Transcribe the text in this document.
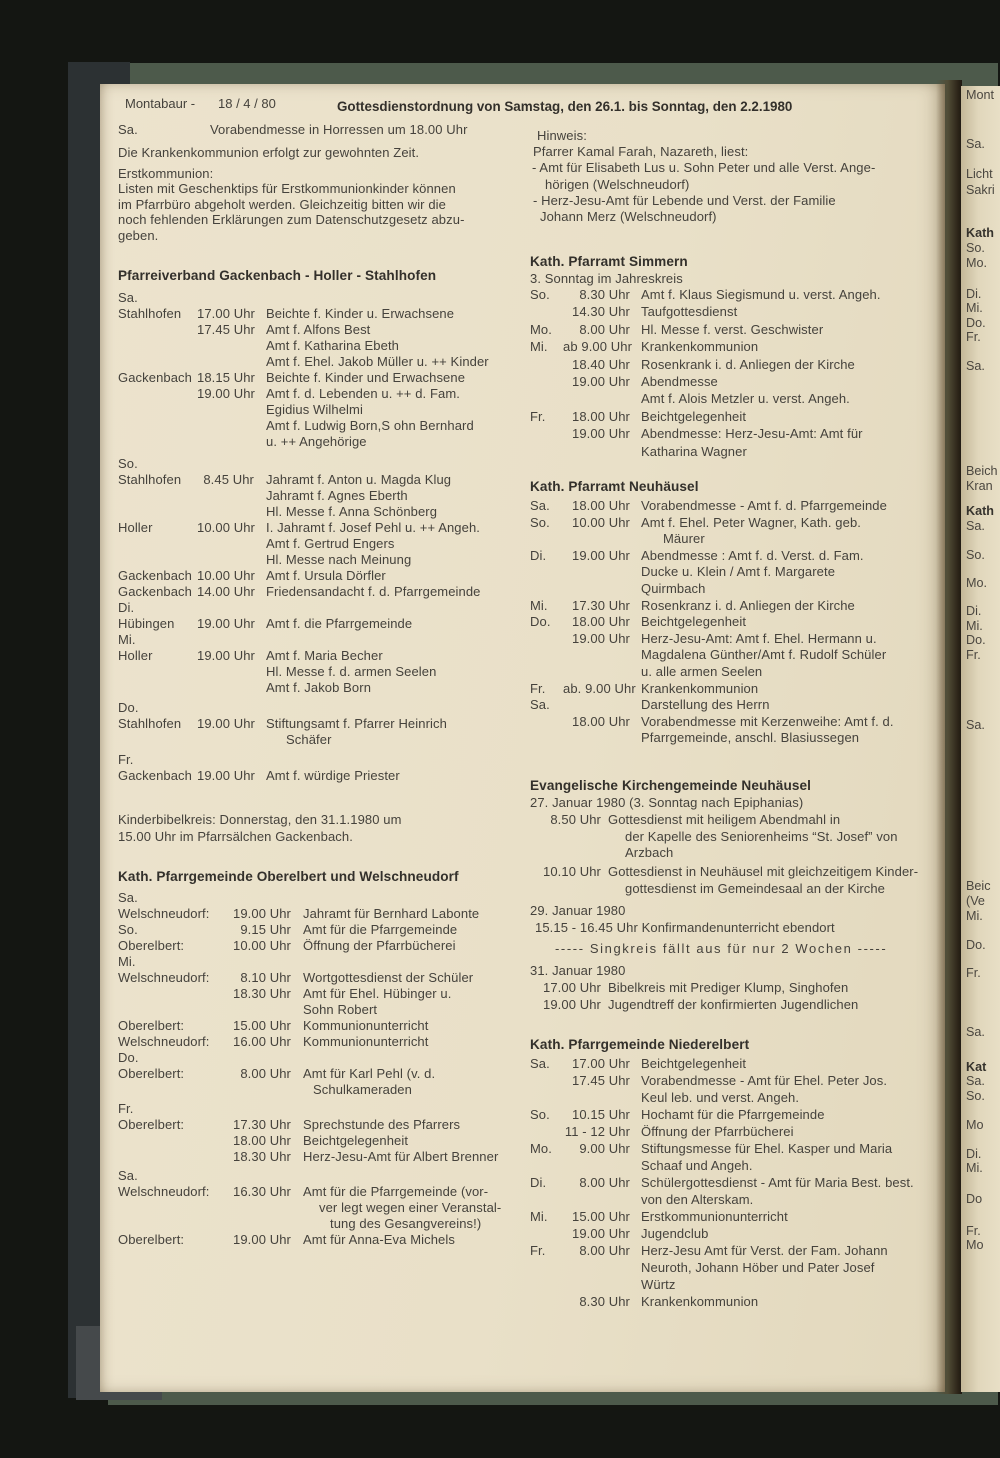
Montabaur - 18 / 4 / 80	Gottesdienstordnung von Samstag, den 26.1. bis Sonntag, den 2.2.1980
Sa.	Vorabendmesse in Horressen um 18.00 Uhr
Die Krankenkommunion erfolgt zur gewohnten Zeit.
Erstkommunion:
Listen mit Geschenktips für Erstkommunionkinder können
im Pfarrbüro abgeholt werden. Gleichzeitig bitten wir die
noch fehlenden Erklärungen zum Datenschutzgesetz abzu-
geben.
Pfarreiverband Gackenbach - Holler - Stahlhofen
Sa.
Stahlhofen	17.00 Uhr Beichte f. Kinder u. Erwachsene
17.45 Uhr Amt f. Alfons Best
Amt f. Katharina Ebeth
Amt f. Ehel. Jakob Müller u. ++ Kinder
Gackenbach 18.15 Uhr Beichte f. Kinder und Erwachsene
19.00 Uhr Amt f. d. Lebenden u. ++ d. Fam.
Egidius Wilhelmi
Amt f. Ludwig Born,S ohn Bernhard
u. ++ Angehörige
So.
Stahlhofen	8.45 Uhr Jahramt f. Anton u. Magda Klug
Jahramt f. Agnes Eberth
Hl. Messe f. Anna Schönberg
Holler	10.00 Uhr I. Jahramt f. Josef Pehl u. ++ Angeh.
Amt f. Gertrud Engers
Hl. Messe nach Meinung
Gackenbach 10.00 Uhr Amt f. Ursula Dörfler
Gackenbach 14.00 Uhr Friedensandacht f. d. Pfarrgemeinde
Di.
Hübingen	19.00 Uhr Amt f. die Pfarrgemeinde
Mi.
Holler	19.00 Uhr Amt f. Maria Becher
Hl. Messe f. d. armen Seelen
Amt f. Jakob Born
Do.
Stahlhofen	19.00 Uhr Stiftungsamt f. Pfarrer Heinrich
Schäfer
Fr.
Gackenbach 19.00 Uhr Amt f. würdige Priester
Kinderbibelkreis: Donnerstag, den 31.1.1980 um
15.00 Uhr im Pfarrsälchen Gackenbach.
Kath. Pfarrgemeinde Oberelbert und Welschneudorf
Sa.
Welschneudorf:	19.00 Uhr Jahramt für Bernhard Labonte
So.	9.15 Uhr Amt für die Pfarrgemeinde
Oberelbert:	10.00 Uhr Öffnung der Pfarrbücherei
Mi.
Welschneudorf:	8.10 Uhr Wortgottesdienst der Schüler
18.30 Uhr Amt für Ehel. Hübinger u.
Sohn Robert
Oberelbert:	15.00 Uhr Kommunionunterricht
Welschneudorf:	16.00 Uhr Kommunionunterricht
Do.
Oberelbert:	8.00 Uhr Amt für Karl Pehl (v. d.
Schulkameraden
Fr.
Oberelbert:	17.30 Uhr Sprechstunde des Pfarrers
18.00 Uhr Beichtgelegenheit
18.30 Uhr Herz-Jesu-Amt für Albert Brenner
Sa.
Welschneudorf:	16.30 Uhr Amt für die Pfarrgemeinde (vor-
ver legt wegen einer Veranstal-
tung des Gesangvereins!)
Oberelbert:	19.00 Uhr Amt für Anna-Eva Michels
Hinweis:
Pfarrer Kamal Farah, Nazareth, liest:
- Amt für Elisabeth Lus u. Sohn Peter und alle Verst. Ange-
hörigen (Welschneudorf)
- Herz-Jesu-Amt für Lebende und Verst. der Familie
Johann Merz (Welschneudorf)
Kath. Pfarramt Simmern
3. Sonntag im Jahreskreis
So.	8.30 Uhr Amt f. Klaus Siegismund u. verst. Angeh.
14.30 Uhr Taufgottesdienst
Mo.	8.00 Uhr Hl. Messe f. verst. Geschwister
Mi.	ab 9.00 Uhr Krankenkommunion
18.40 Uhr Rosenkrank i. d. Anliegen der Kirche
19.00 Uhr Abendmesse
Amt f. Alois Metzler u. verst. Angeh.
Fr.	18.00 Uhr Beichtgelegenheit
19.00 Uhr Abendmesse: Herz-Jesu-Amt: Amt für
Katharina Wagner
Kath. Pfarramt Neuhäusel
Sa.	18.00 Uhr Vorabendmesse - Amt f. d. Pfarrgemeinde
So.	10.00 Uhr Amt f. Ehel. Peter Wagner, Kath. geb.
Mäurer
Di.	19.00 Uhr Abendmesse : Amt f. d. Verst. d. Fam.
Ducke u. Klein / Amt f. Margarete
Quirmbach
Mi.	17.30 Uhr Rosenkranz i. d. Anliegen der Kirche
Do.	18.00 Uhr Beichtgelegenheit
19.00 Uhr Herz-Jesu-Amt: Amt f. Ehel. Hermann u.
Magdalena Günther/Amt f. Rudolf Schüler
u. alle armen Seelen
Fr.	ab. 9.00 Uhr Krankenkommunion
Sa.	Darstellung des Herrn
18.00 Uhr Vorabendmesse mit Kerzenweihe: Amt f. d.
Pfarrgemeinde, anschl. Blasiussegen
Evangelische Kirchengemeinde Neuhäusel
27. Januar 1980 (3. Sonntag nach Epiphanias)
8.50 Uhr Gottesdienst mit heiligem Abendmahl in
der Kapelle des Seniorenheims “St. Josef” von
Arzbach
10.10 Uhr Gottesdienst in Neuhäusel mit gleichzeitigem Kinder-
gottesdienst im Gemeindesaal an der Kirche
29. Januar 1980
15.15 - 16.45 Uhr Konfirmandenunterricht ebendort
----- Singkreis fällt aus für nur 2 Wochen -----
31. Januar 1980
17.00 Uhr Bibelkreis mit Prediger Klump, Singhofen
19.00 Uhr Jugendtreff der konfirmierten Jugendlichen
Kath. Pfarrgemeinde Niederelbert
Sa.	17.00 Uhr Beichtgelegenheit
17.45 Uhr Vorabendmesse - Amt für Ehel. Peter Jos.
Keul leb. und verst. Angeh.
So.	10.15 Uhr Hochamt für die Pfarrgemeinde
11 - 12 Uhr Öffnung der Pfarrbücherei
Mo.	9.00 Uhr Stiftungsmesse für Ehel. Kasper und Maria
Schaaf und Angeh.
Di.	8.00 Uhr Schülergottesdienst - Amt für Maria Best. best.
von den Alterskam.
Mi.	15.00 Uhr Erstkommunionunterricht
19.00 Uhr Jugendclub
Fr.	8.00 Uhr Herz-Jesu Amt für Verst. der Fam. Johann
Neuroth, Johann Höber und Pater Josef
Würtz
8.30 Uhr Krankenkommunion
Mont
Sa.
Licht
Sakri
Kath
So.
Mo.
Di.
Mi.
Do.
Fr.
Sa.
Beich
Kran
Kath
Sa.
So.
Mo.
Di.
Mi.
Do.
Fr.
Sa.
Beic
(Ve
Mi.
Do.
Fr.
Sa.
Kat
Sa.
So.
Mo
Di.
Mi.
Do
Fr.
Mo
